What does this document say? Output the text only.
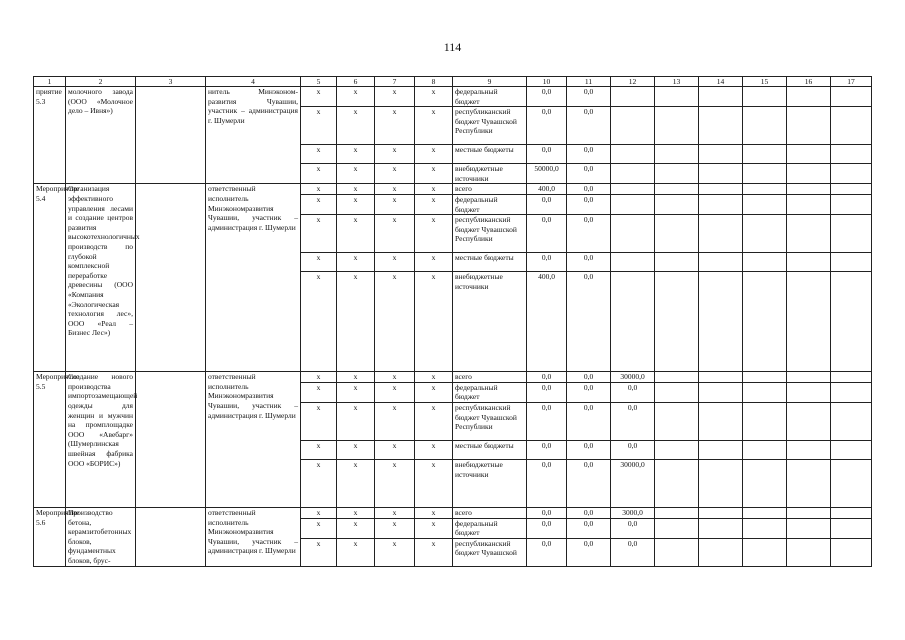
114
1	2	3	4	5	6	7	8	9	10	11	12	13	14	15	16	17
приятие 5.3	молочного завода (ООО «Молочное дело – Ивня»)		нитель Минэконом-развития Чувашии, участник – администрация г. Шумерли	x	x	x	x	федеральный бюджет	0,0	0,0						
				x	x	x	x	республиканский бюджет Чувашской Республики	0,0	0,0						
				x	x	x	x	местные бюджеты	0,0	0,0						
				x	x	x	x	внебюджетные источники	50000,0	0,0						
Мероприятие 5.4	Организация эффективного управления лесами и создание центров развития высокотехнологичных производств по глубокой комплексной переработке древесины (ООО «Компания «Экологическая технология лес», ООО «Реал – Бизнес Лес»)		ответственный исполнитель Минэкономразвития Чувашии, участник – администрация г. Шумерли	x	x	x	x	всего	400,0	0,0						
				x	x	x	x	федеральный бюджет	0,0	0,0						
				x	x	x	x	республиканский бюджет Чувашской Республики	0,0	0,0						
				x	x	x	x	местные бюджеты	0,0	0,0						
				x	x	x	x	внебюджетные источники	400,0	0,0						
Мероприятие 5.5	Создание нового производства импортозамещающей одежды для женщин и мужчин на промплощадке ООО «Авебарг» (Шумерлинская швейная фабрика ООО «БОРИС»)		ответственный исполнитель Минэкономразвития Чувашии, участник – администрация г. Шумерли	x	x	x	x	всего	0,0	0,0	30000,0					
				x	x	x	x	федеральный бюджет	0,0	0,0	0,0					
				x	x	x	x	республиканский бюджет Чувашской Республики	0,0	0,0	0,0					
				x	x	x	x	местные бюджеты	0,0	0,0	0,0					
				x	x	x	x	внебюджетные источники	0,0	0,0	30000,0					
Мероприятие 5.6	Производство бетона, керамзитобетонных блоков, фундаментных блоков, брус-		ответственный исполнитель Минэкономразвития Чувашии, участник – администрация г. Шумерли	x	x	x	x	всего	0,0	0,0	3000,0					
				x	x	x	x	федеральный бюджет	0,0	0,0	0,0					
				x	x	x	x	республиканский бюджет Чувашской	0,0	0,0	0,0					
